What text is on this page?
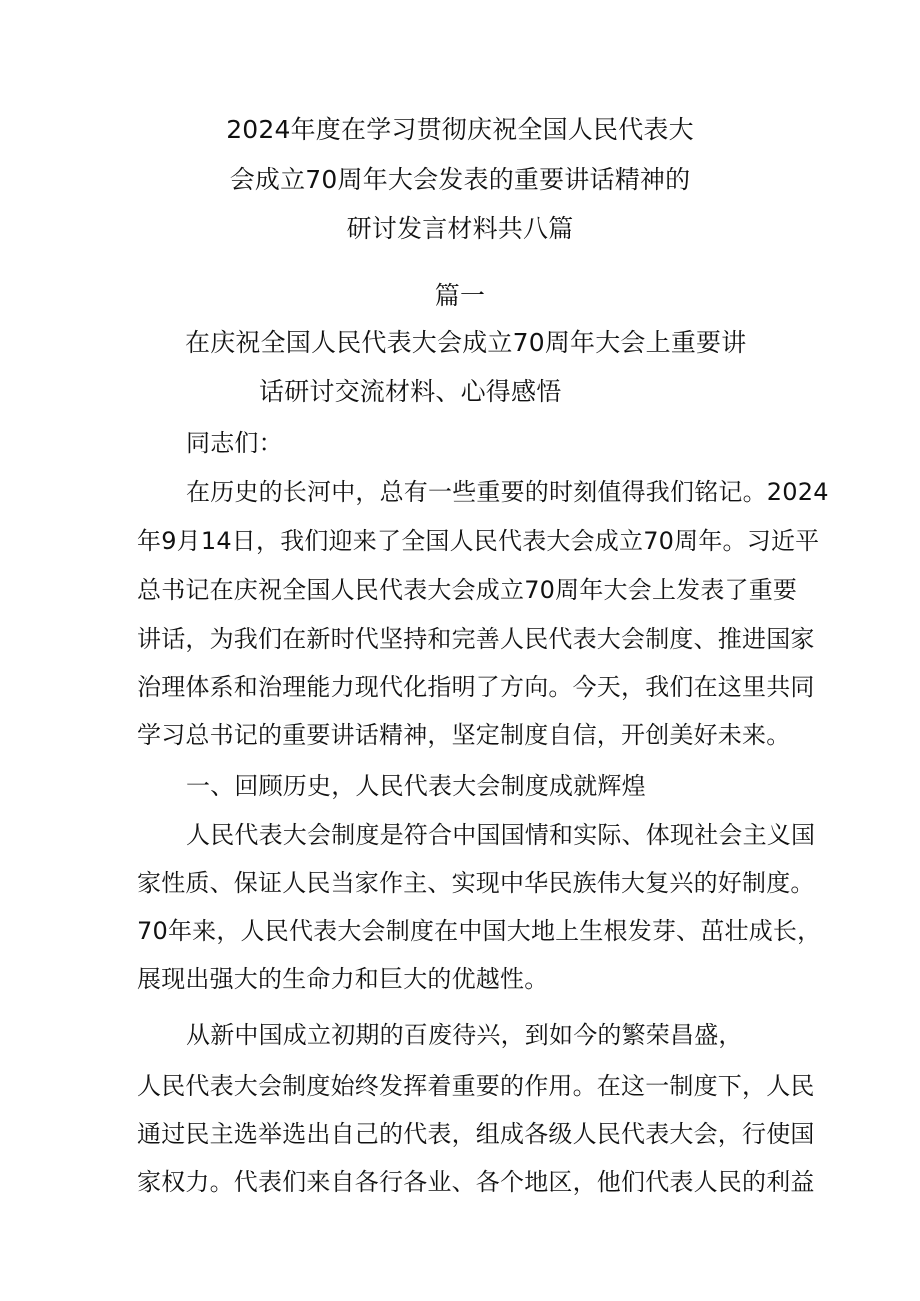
2024年度在学习贯彻庆祝全国人民代表大
会成立70周年大会发表的重要讲话精神的
研讨发言材料共八篇
篇一
在庆祝全国人民代表大会成立70周年大会上重要讲
话研讨交流材料、心得感悟
同志们：
在历史的长河中，总有一些重要的时刻值得我们铭记。2024
年9月14日，我们迎来了全国人民代表大会成立70周年。习近平
总书记在庆祝全国人民代表大会成立70周年大会上发表了重要
讲话，为我们在新时代坚持和完善人民代表大会制度、推进国家
治理体系和治理能力现代化指明了方向。今天，我们在这里共同
学习总书记的重要讲话精神，坚定制度自信，开创美好未来。
一、回顾历史，人民代表大会制度成就辉煌
人民代表大会制度是符合中国国情和实际、体现社会主义国
家性质、保证人民当家作主、实现中华民族伟大复兴的好制度。
70年来，人民代表大会制度在中国大地上生根发芽、茁壮成长，
展现出强大的生命力和巨大的优越性。
从新中国成立初期的百废待兴，到如今的繁荣昌盛，
人民代表大会制度始终发挥着重要的作用。在这一制度下，人民
通过民主选举选出自己的代表，组成各级人民代表大会，行使国
家权力。代表们来自各行各业、各个地区，他们代表人民的利益
